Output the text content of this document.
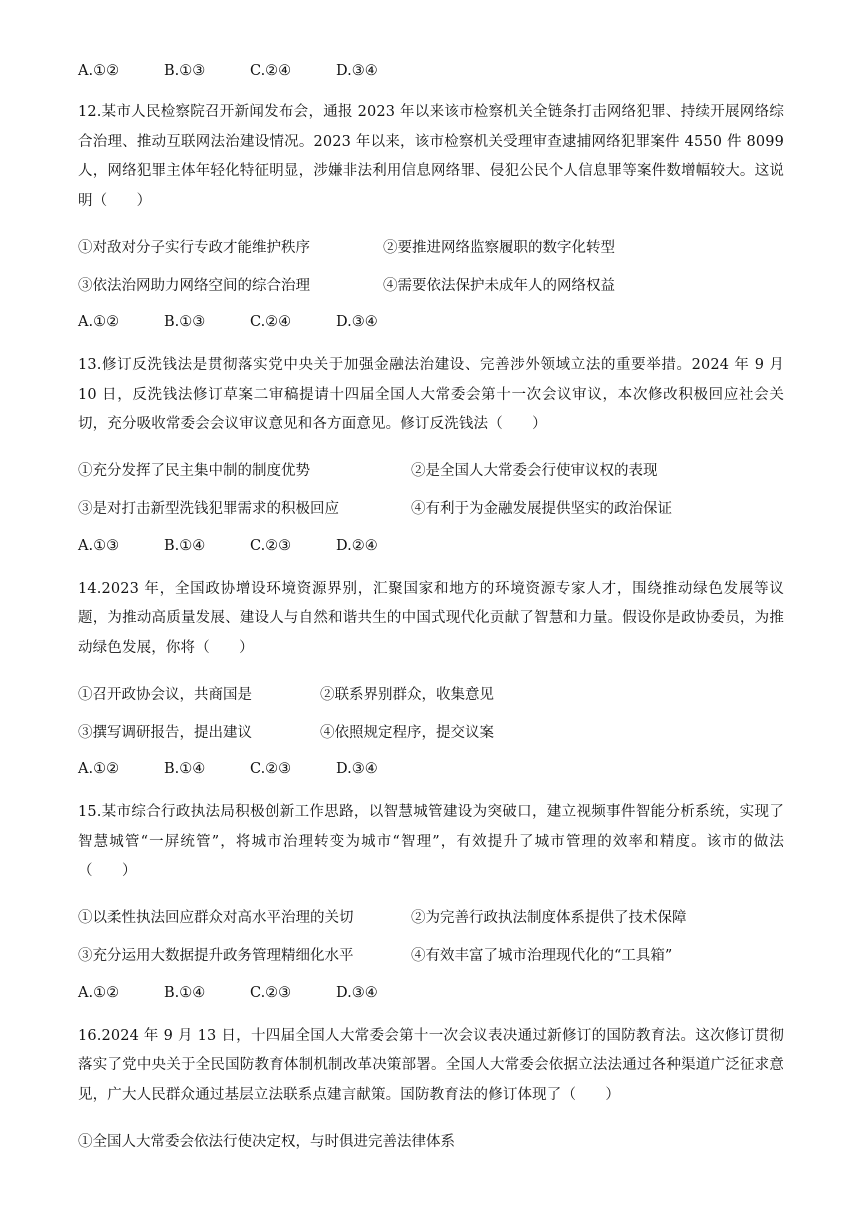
A.①②	B.①③	C.②④	D.③④

12.某市人民检察院召开新闻发布会，通报 2023 年以来该市检察机关全链条打击网络犯罪、持续开展网络综合治理、推动互联网法治建设情况。2023 年以来，该市检察机关受理审查逮捕网络犯罪案件 4550 件 8099 人，网络犯罪主体年轻化特征明显，涉嫌非法利用信息网络罪、侵犯公民个人信息罪等案件数增幅较大。这说明（　　）

①对敌对分子实行专政才能维护秩序	②要推进网络监察履职的数字化转型
③依法治网助力网络空间的综合治理	④需要依法保护未成年人的网络权益
A.①②	B.①③	C.②④	D.③④

13.修订反洗钱法是贯彻落实党中央关于加强金融法治建设、完善涉外领域立法的重要举措。2024 年 9 月 10 日，反洗钱法修订草案二审稿提请十四届全国人大常委会第十一次会议审议，本次修改积极回应社会关切，充分吸收常委会会议审议意见和各方面意见。修订反洗钱法（　　）

①充分发挥了民主集中制的制度优势	②是全国人大常委会行使审议权的表现
③是对打击新型洗钱犯罪需求的积极回应	④有利于为金融发展提供坚实的政治保证
A.①③	B.①④	C.②③	D.②④

14.2023 年，全国政协增设环境资源界别，汇聚国家和地方的环境资源专家人才，围绕推动绿色发展等议题，为推动高质量发展、建设人与自然和谐共生的中国式现代化贡献了智慧和力量。假设你是政协委员，为推动绿色发展，你将（　　）

①召开政协会议，共商国是	②联系界别群众，收集意见
③撰写调研报告，提出建议	④依照规定程序，提交议案
A.①②	B.①④	C.②③	D.③④

15.某市综合行政执法局积极创新工作思路，以智慧城管建设为突破口，建立视频事件智能分析系统，实现了智慧城管“一屏统管”，将城市治理转变为城市“智理”，有效提升了城市管理的效率和精度。该市的做法（　　）

①以柔性执法回应群众对高水平治理的关切	②为完善行政执法制度体系提供了技术保障
③充分运用大数据提升政务管理精细化水平	④有效丰富了城市治理现代化的“工具箱”
A.①②	B.①④	C.②③	D.③④

16.2024 年 9 月 13 日，十四届全国人大常委会第十一次会议表决通过新修订的国防教育法。这次修订贯彻落实了党中央关于全民国防教育体制机制改革决策部署。全国人大常委会依据立法法通过各种渠道广泛征求意见，广大人民群众通过基层立法联系点建言献策。国防教育法的修订体现了（　　）

①全国人大常委会依法行使决定权，与时俱进完善法律体系
